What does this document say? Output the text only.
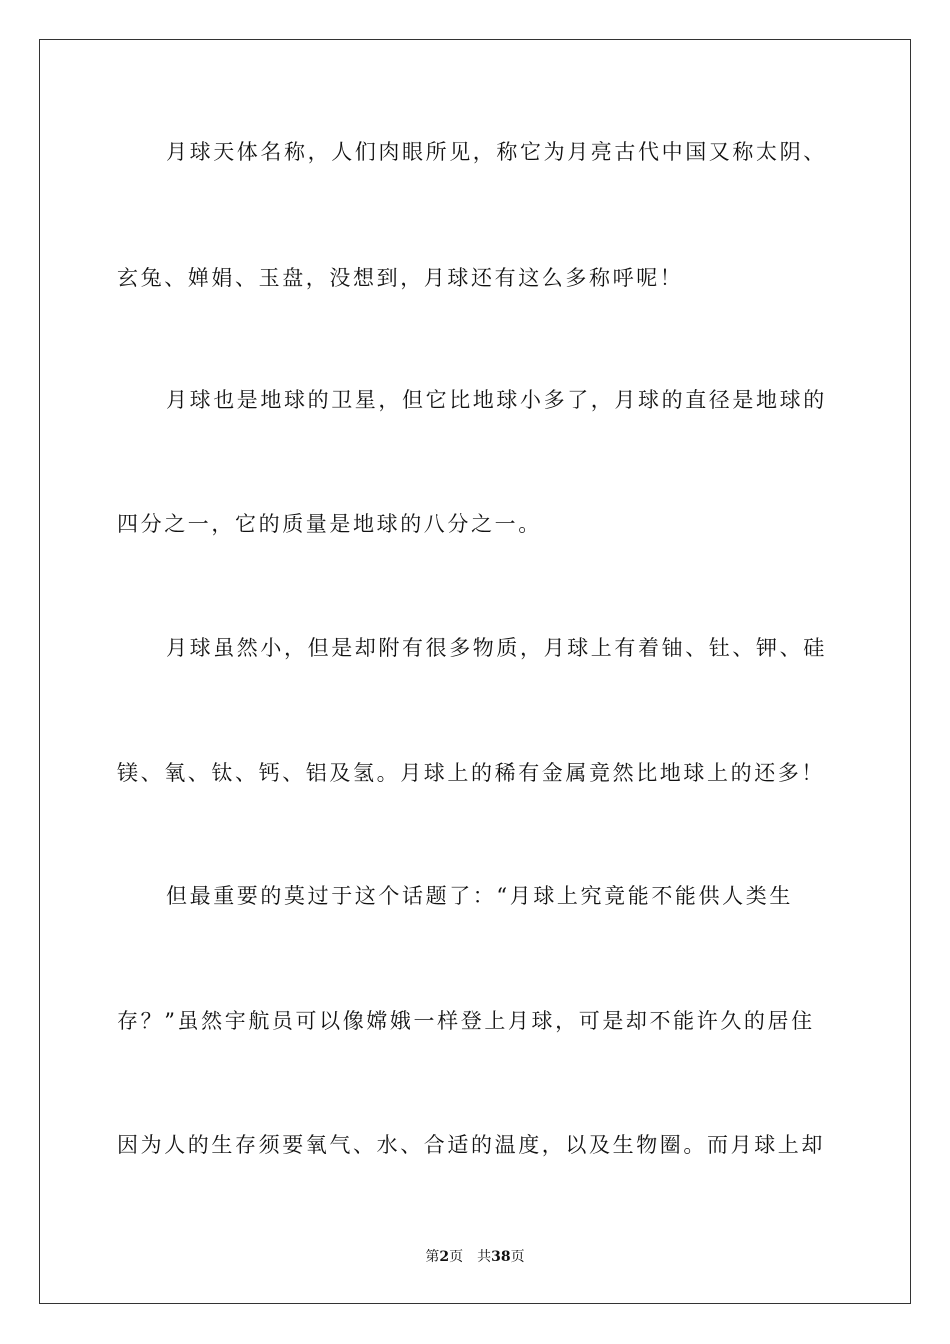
月球天体名称，人们肉眼所见，称它为月亮古代中国又称太阴、
玄兔、婵娟、玉盘，没想到，月球还有这么多称呼呢！
月球也是地球的卫星，但它比地球小多了，月球的直径是地球的
四分之一，它的质量是地球的八分之一。
月球虽然小，但是却附有很多物质，月球上有着铀、钍、钾、硅
镁、氧、钛、钙、铝及氢。月球上的稀有金属竟然比地球上的还多！
但最重要的莫过于这个话题了：“月球上究竟能不能供人类生
存？”虽然宇航员可以像嫦娥一样登上月球，可是却不能许久的居住
因为人的生存须要氧气、水、合适的温度，以及生物圈。而月球上却
第2页 共38页
